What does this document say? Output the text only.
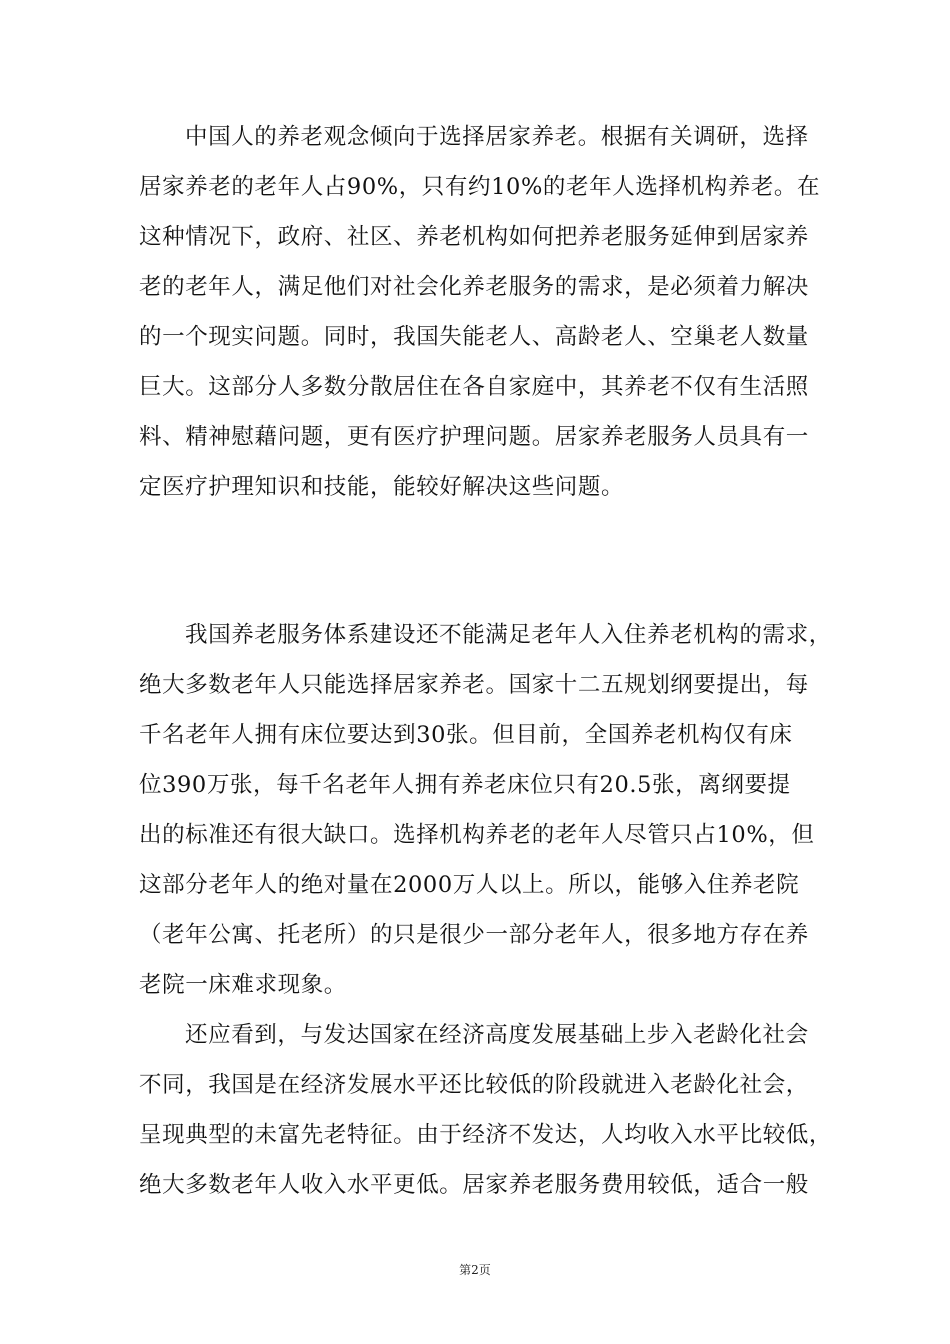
中国人的养老观念倾向于选择居家养老。根据有关调研，选择
居家养老的老年人占90%，只有约10%的老年人选择机构养老。在
这种情况下，政府、社区、养老机构如何把养老服务延伸到居家养
老的老年人，满足他们对社会化养老服务的需求，是必须着力解决
的一个现实问题。同时，我国失能老人、高龄老人、空巢老人数量
巨大。这部分人多数分散居住在各自家庭中，其养老不仅有生活照
料、精神慰藉问题，更有医疗护理问题。居家养老服务人员具有一
定医疗护理知识和技能，能较好解决这些问题。
我国养老服务体系建设还不能满足老年人入住养老机构的需求，
绝大多数老年人只能选择居家养老。国家十二五规划纲要提出，每
千名老年人拥有床位要达到30张。但目前，全国养老机构仅有床
位390万张，每千名老年人拥有养老床位只有20.5张，离纲要提
出的标准还有很大缺口。选择机构养老的老年人尽管只占10%，但
这部分老年人的绝对量在2000万人以上。所以，能够入住养老院
（老年公寓、托老所）的只是很少一部分老年人，很多地方存在养
老院一床难求现象。
还应看到，与发达国家在经济高度发展基础上步入老龄化社会
不同，我国是在经济发展水平还比较低的阶段就进入老龄化社会，
呈现典型的未富先老特征。由于经济不发达，人均收入水平比较低，
绝大多数老年人收入水平更低。居家养老服务费用较低，适合一般
第2页
